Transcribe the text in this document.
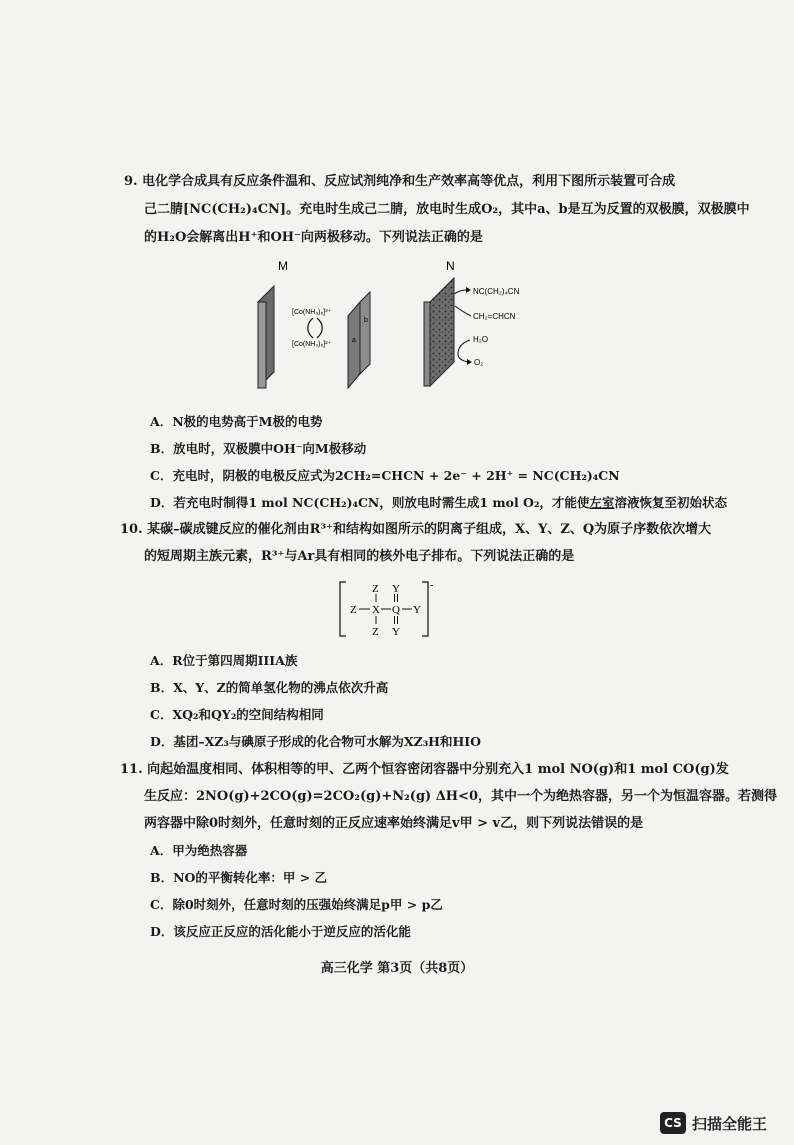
9. 电化学合成具有反应条件温和、反应试剂纯净和生产效率高等优点，利用下图所示装置可合成
己二腈[NC(CH₂)₄CN]。充电时生成己二腈，放电时生成O₂，其中a、b是互为反置的双极膜，双极膜中
的H₂O会解离出H⁺和OH⁻向两极移动。下列说法正确的是
M
[Co(NH₃)₆]³⁺
[Co(NH₃)₆]²⁺
a
b
N
NC(CH₂)₄CN
CH₂=CHCN
H₂O
O₂
A．N极的电势高于M极的电势
B．放电时，双极膜中OH⁻向M极移动
C．充电时，阴极的电极反应式为2CH₂=CHCN + 2e⁻ + 2H⁺ = NC(CH₂)₄CN
D．若充电时制得1 mol NC(CH₂)₄CN，则放电时需生成1 mol O₂，才能使左室溶液恢复至初始状态
10. 某碳–碳成键反应的催化剂由R³⁺和结构如图所示的阴离子组成，X、Y、Z、Q为原子序数依次增大
的短周期主族元素，R³⁺与Ar具有相同的核外电子排布。下列说法正确的是
-
Z Y
Z X Q Y
Z Y
A．R位于第四周期IIIA族
B．X、Y、Z的简单氢化物的沸点依次升高
C．XQ₂和QY₂的空间结构相同
D．基团–XZ₃与碘原子形成的化合物可水解为XZ₃H和HIO
11. 向起始温度相同、体积相等的甲、乙两个恒容密闭容器中分别充入1 mol NO(g)和1 mol CO(g)发
生反应：2NO(g)+2CO(g)=2CO₂(g)+N₂(g) ΔH<0，其中一个为绝热容器，另一个为恒温容器。若测得
两容器中除0时刻外，任意时刻的正反应速率始终满足v甲 > v乙，则下列说法错误的是
A．甲为绝热容器
B．NO的平衡转化率：甲 > 乙
C．除0时刻外，任意时刻的压强始终满足p甲 > p乙
D．该反应正反应的活化能小于逆反应的活化能
高三化学 第3页（共8页）
CS 扫描全能王
